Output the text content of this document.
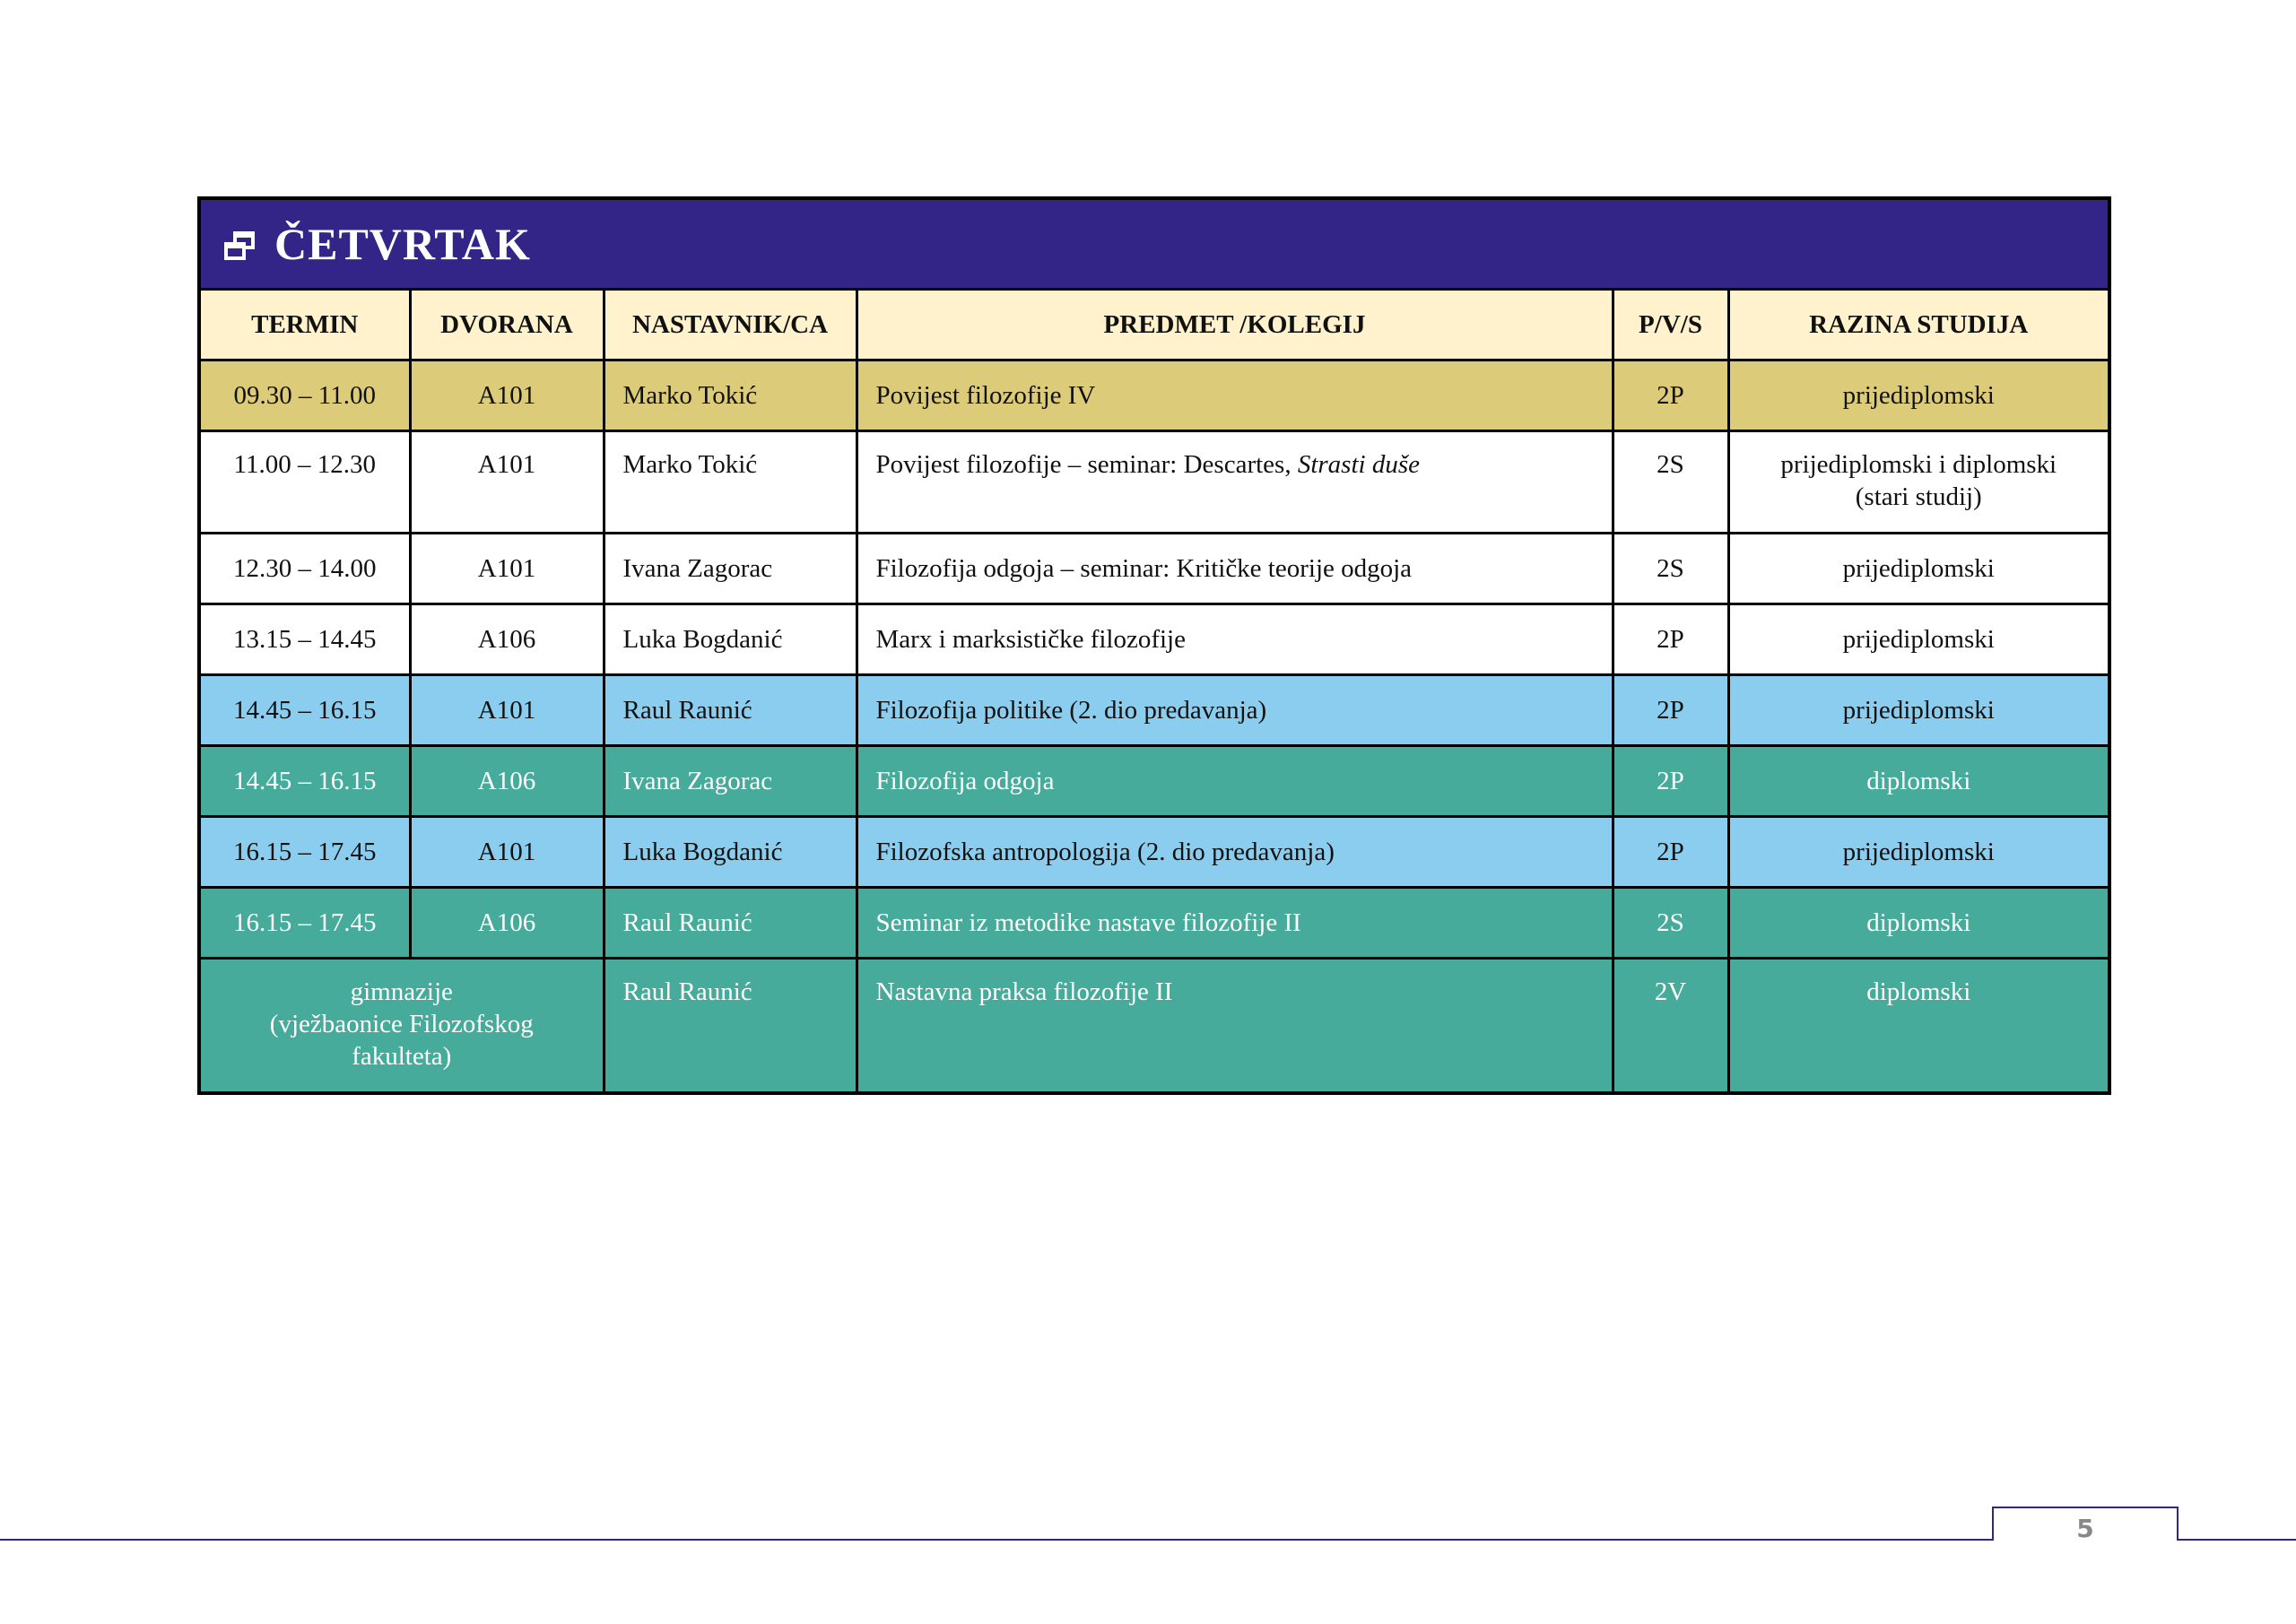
ČETVRTAK					

TERMIN	DVORANA	NASTAVNIK/CA	PREDMET /KOLEGIJ	P/V/S	RAZINA STUDIJA
09.30 – 11.00	A101	Marko Tokić	Povijest filozofije IV	2P	prijediplomski
11.00 – 12.30	A101	Marko Tokić	Povijest filozofije – seminar: Descartes, Strasti duše	2S	prijediplomski i diplomski
(stari studij)

12.30 – 14.00	A101	Ivana Zagorac	Filozofija odgoja – seminar: Kritičke teorije odgoja	2S	prijediplomski
13.15 – 14.45	A106	Luka Bogdanić	Marx i marksističke filozofije	2P	prijediplomski
14.45 – 16.15	A101	Raul Raunić	Filozofija politike (2. dio predavanja)	2P	prijediplomski
14.45 – 16.15	A106	Ivana Zagorac	Filozofija odgoja	2P	diplomski
16.15 – 17.45	A101	Luka Bogdanić	Filozofska antropologija (2. dio predavanja)	2P	prijediplomski
16.15 – 17.45	A106	Raul Raunić	Seminar iz metodike nastave filozofije II	2S	diplomski

gimnazije
(vježbaonice Filozofskog
fakulteta)		Raul Raunić	Nastavna praksa filozofije II	2V	diplomski
5
